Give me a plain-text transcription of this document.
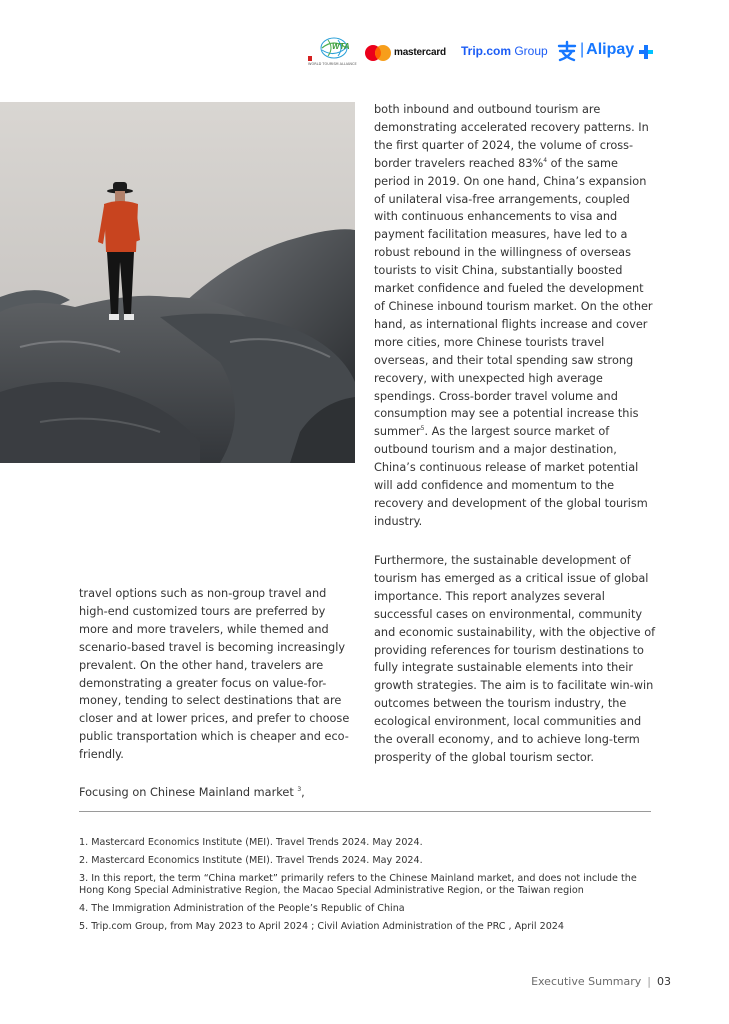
WTA
WORLD TOURISM ALLIANCE
mastercard Trip.com Group | Alipay

both inbound and outbound tourism are demonstrating accelerated recovery patterns. In the first quarter of 2024, the volume of cross-border travelers reached 83%$^4$ of the same period in 2019. On one hand, China’s expansion of unilateral visa-free arrangements, coupled with continuous enhancements to visa and payment facilitation measures, have led to a robust rebound in the willingness of overseas tourists to visit China, substantially boosted market confidence and fueled the development of Chinese inbound tourism market. On the other hand, as international flights increase and cover more cities, more Chinese tourists travel overseas, and their total spending saw strong recovery, with unexpected high average spendings. Cross-border travel volume and consumption may see a potential increase this summer$^5$. As the largest source market of outbound tourism and a major destination, China’s continuous release of market potential will add confidence and momentum to the recovery and development of the global tourism industry.

Furthermore, the sustainable development of tourism has emerged as a critical issue of global importance. This report analyzes several successful cases on environmental, community and economic sustainability, with the objective of providing references for tourism destinations to fully integrate sustainable elements into their growth strategies. The aim is to facilitate win-win outcomes between the tourism industry, the ecological environment, local communities and the overall economy, and to achieve long-term prosperity of the global tourism sector.

travel options such as non-group travel and high-end customized tours are preferred by more and more travelers, while themed and scenario-based travel is becoming increasingly prevalent. On the other hand, travelers are demonstrating a greater focus on value-for-money, tending to select destinations that are closer and at lower prices, and prefer to choose public transportation which is cheaper and eco-friendly.

Focusing on Chinese Mainland market $^3$,

1. Mastercard Economics Institute (MEI). Travel Trends 2024. May 2024.

2. Mastercard Economics Institute (MEI). Travel Trends 2024. May 2024.

3. In this report, the term “China market” primarily refers to the Chinese Mainland market, and does not include the Hong Kong Special Administrative Region, the Macao Special Administrative Region, or the Taiwan region

4. The Immigration Administration of the People’s Republic of China

5. Trip.com Group, from May 2023 to April 2024 ; Civil Aviation Administration of the PRC , April 2024

Executive Summary | 03
